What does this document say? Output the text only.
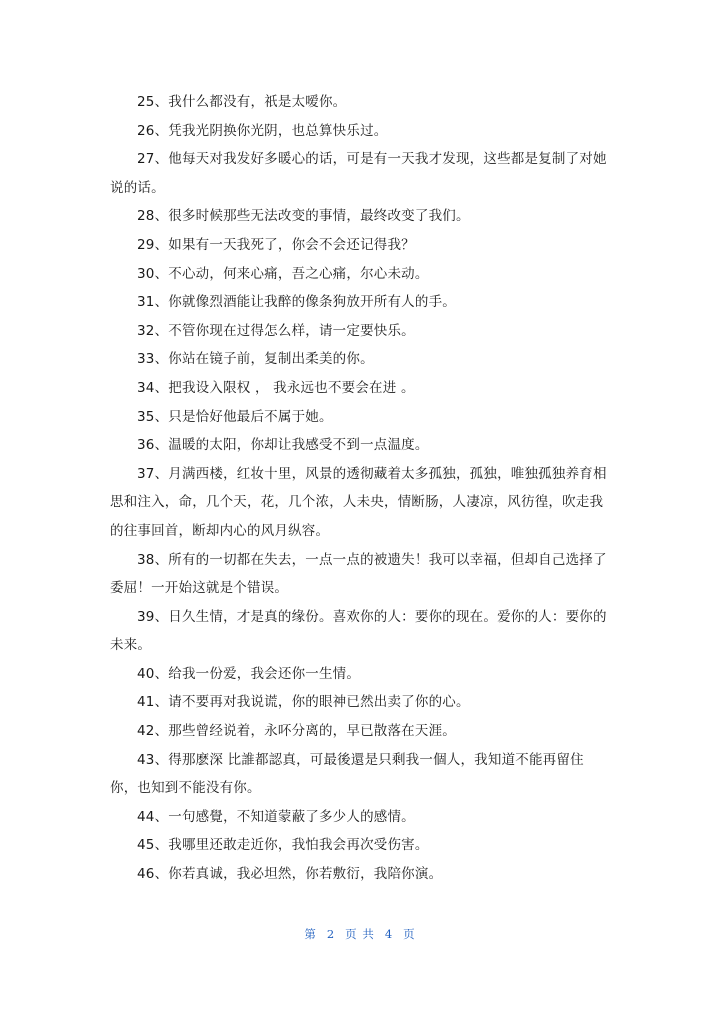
25、我什么都没有，祇是太嗳你。

26、凭我光阴换你光阴，也总算快乐过。

27、他每天对我发好多暖心的话，可是有一天我才发现，这些都是复制了对她说的话。

28、很多时候那些无法改变的事情，最终改变了我们。

29、如果有一天我死了，你会不会还记得我？

30、不心动，何来心痛，吾之心痛，尔心未动。

31、你就像烈酒能让我醉的像条狗放开所有人的手。

32、不管你现在过得怎么样，请一定要快乐。

33、你站在镜子前，复制出柔美的你。

34、把我设入限权 ， 我永远也不要会在进 。

35、只是恰好他最后不属于她。

36、温暖的太阳，你却让我感受不到一点温度。

37、月满西楼，红妆十里，风景的透彻藏着太多孤独，孤独，唯独孤独养育相思和注入，命，几个天，花，几个浓，人未央，情断肠，人凄凉，风彷徨，吹走我的往事回首，断却内心的风月纵容。

38、所有的一切都在失去，一点一点的被遗失！我可以幸福，但却自己选择了委屈！一开始这就是个错误。

39、日久生情，才是真的缘份。喜欢你的人：要你的现在。爱你的人：要你的未来。

40、给我一份爱，我会还你一生情。

41、请不要再对我说谎，你的眼神已然出卖了你的心。

42、那些曾经说着，永吥分离的，早已散落在天涯。

43、得那麽深 比誰都認真，可最後還是只剩我一個人，我知道不能再留住你，也知到不能没有你。

44、一句感覺，不知道蒙蔽了多少人的感情。

45、我哪里还敢走近你，我怕我会再次受伤害。

46、你若真诚，我必坦然，你若敷衍，我陪你演。

第 2 页 共 4 页
